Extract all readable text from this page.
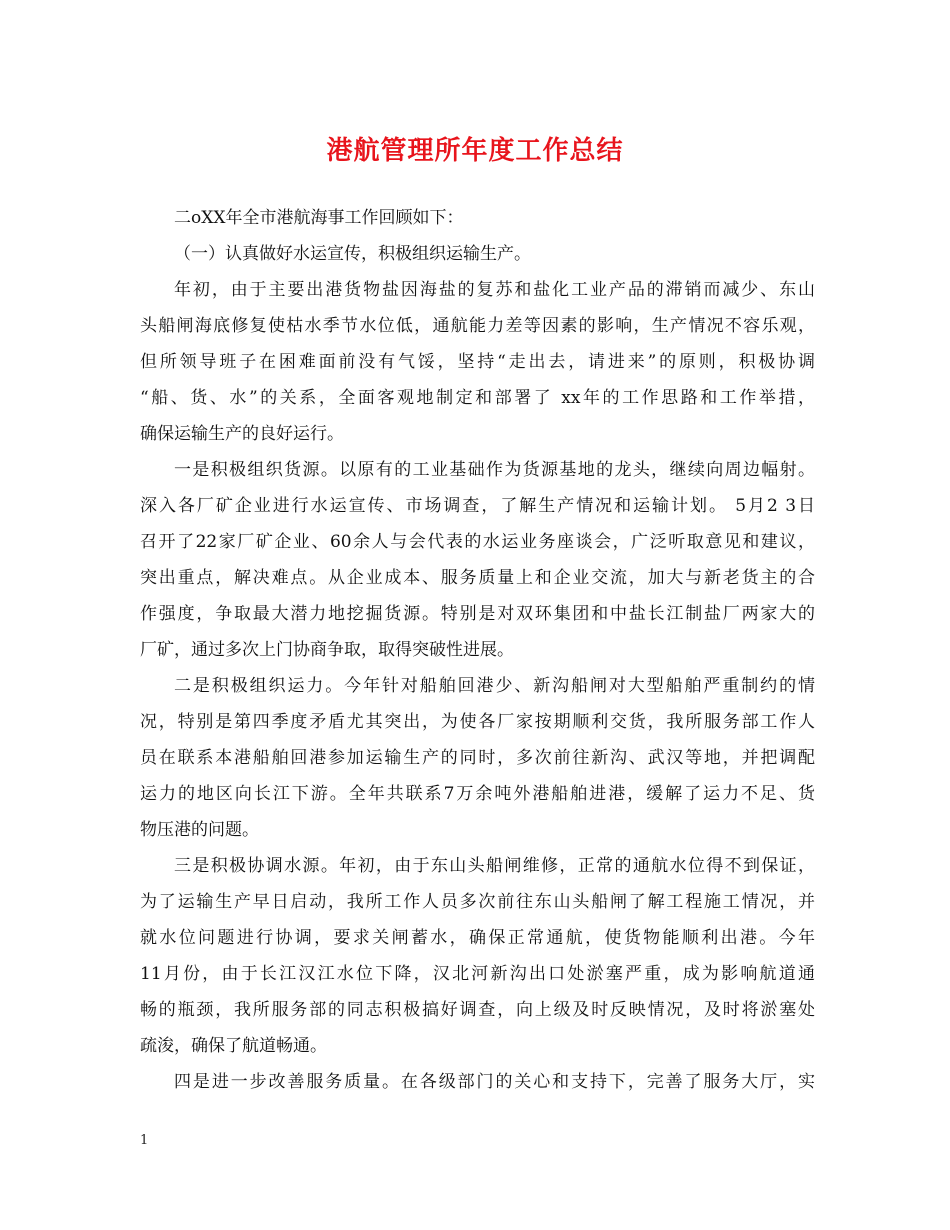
港航管理所年度工作总结
二oXX年全市港航海事工作回顾如下：
（一）认真做好水运宣传，积极组织运输生产。
年初，由于主要出港货物盐因海盐的复苏和盐化工业产品的滞销而减少、东山
头船闸海底修复使枯水季节水位低，通航能力差等因素的影响，生产情况不容乐观，
但所领导班子在困难面前没有气馁，坚持“走出去，请进来”的原则，积极协调
“船、货、水”的关系，全面客观地制定和部署了 xx年的工作思路和工作举措，
确保运输生产的良好运行。
一是积极组织货源。以原有的工业基础作为货源基地的龙头，继续向周边幅射。
深入各厂矿企业进行水运宣传、市场调查，了解生产情况和运输计划。 5月2 3日
召开了22家厂矿企业、60余人与会代表的水运业务座谈会，广泛听取意见和建议，
突出重点，解决难点。从企业成本、服务质量上和企业交流，加大与新老货主的合
作强度，争取最大潜力地挖掘货源。特别是对双环集团和中盐长江制盐厂两家大的
厂矿，通过多次上门协商争取，取得突破性进展。
二是积极组织运力。今年针对船舶回港少、新沟船闸对大型船舶严重制约的情
况，特别是第四季度矛盾尤其突出，为使各厂家按期顺利交货，我所服务部工作人
员在联系本港船舶回港参加运输生产的同时，多次前往新沟、武汉等地，并把调配
运力的地区向长江下游。全年共联系7万余吨外港船舶进港，缓解了运力不足、货
物压港的问题。
三是积极协调水源。年初，由于东山头船闸维修，正常的通航水位得不到保证，
为了运输生产早日启动，我所工作人员多次前往东山头船闸了解工程施工情况，并
就水位问题进行协调，要求关闸蓄水，确保正常通航，使货物能顺利出港。今年
11月份，由于长江汉江水位下降，汉北河新沟出口处淤塞严重，成为影响航道通
畅的瓶颈，我所服务部的同志积极搞好调查，向上级及时反映情况，及时将淤塞处
疏浚，确保了航道畅通。
四是进一步改善服务质量。在各级部门的关心和支持下，完善了服务大厅，实
1
